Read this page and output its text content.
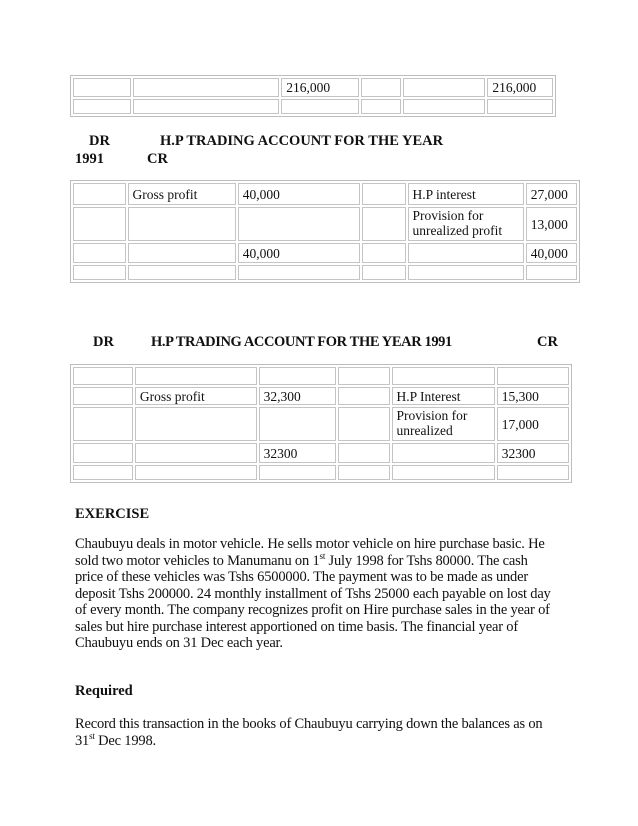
		216,000			216,000

DR	H.P TRADING ACCOUNT FOR THE YEAR
1991	CR
	Gross profit	40,000		H.P interest	27,000
				Provision for unrealized profit	13,000
		40,000			40,000

DR	H.P TRADING ACCOUNT FOR THE YEAR 1991	CR

	Gross profit	32,300		H.P Interest	15,300
				Provision for unrealized	17,000
		32300			32300

EXERCISE
Chaubuyu deals in motor vehicle. He sells motor vehicle on hire purchase basic. He sold two motor vehicles to Manumanu on 1st July 1998 for Tshs 80000. The cash price of these vehicles was Tshs 6500000. The payment was to be made as under deposit Tshs 200000. 24 monthly installment of Tshs 25000 each payable on lost day of every month. The company recognizes profit on Hire purchase sales in the year of sales but hire purchase interest apportioned on time basis. The financial year of Chaubuyu ends on 31 Dec each year.
Required
Record this transaction in the books of Chaubuyu carrying down the balances as on 31st Dec 1998.
